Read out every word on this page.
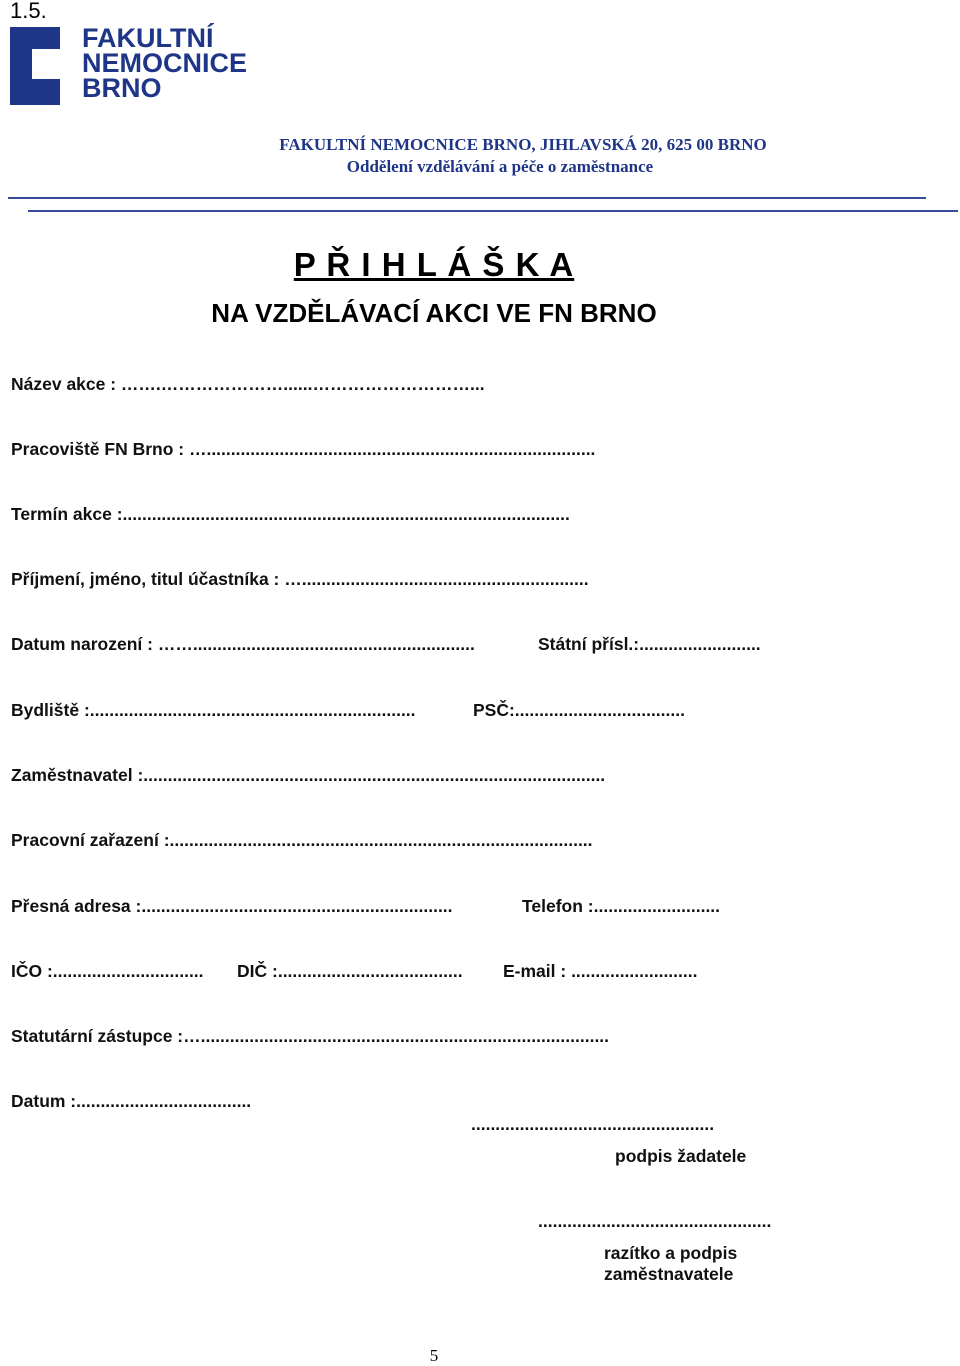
1.5.
FAKULTNÍ
NEMOCNICE
BRNO
FAKULTNÍ NEMOCNICE BRNO, JIHLAVSKÁ 20, 625 00 BRNO
Oddělení vzdělávání a péče o zaměstnance
P Ř I H L Á Š K A
NA VZDĚLÁVACÍ AKCI VE FN BRNO
Název akce : …….…………………......………………………...
Pracoviště FN Brno : …................................................................................
Termín akce :............................................................................................
Příjmení, jméno, titul účastníka : …...........................................................
Datum narození : ……..........................................................	Státní přísl.:.........................
Bydliště :...................................................................	PSČ:...................................
Zaměstnavatel :...............................................................................................
Pracovní zařazení :.......................................................................................
Přesná adresa :................................................................	Telefon :..........................
IČO :............................... DIČ :...................................... E-mail : ..........................
Statutární zástupce :…....................................................................................
Datum :....................................
..................................................
podpis žadatele
................................................
razítko a podpis
zaměstnavatele
5
